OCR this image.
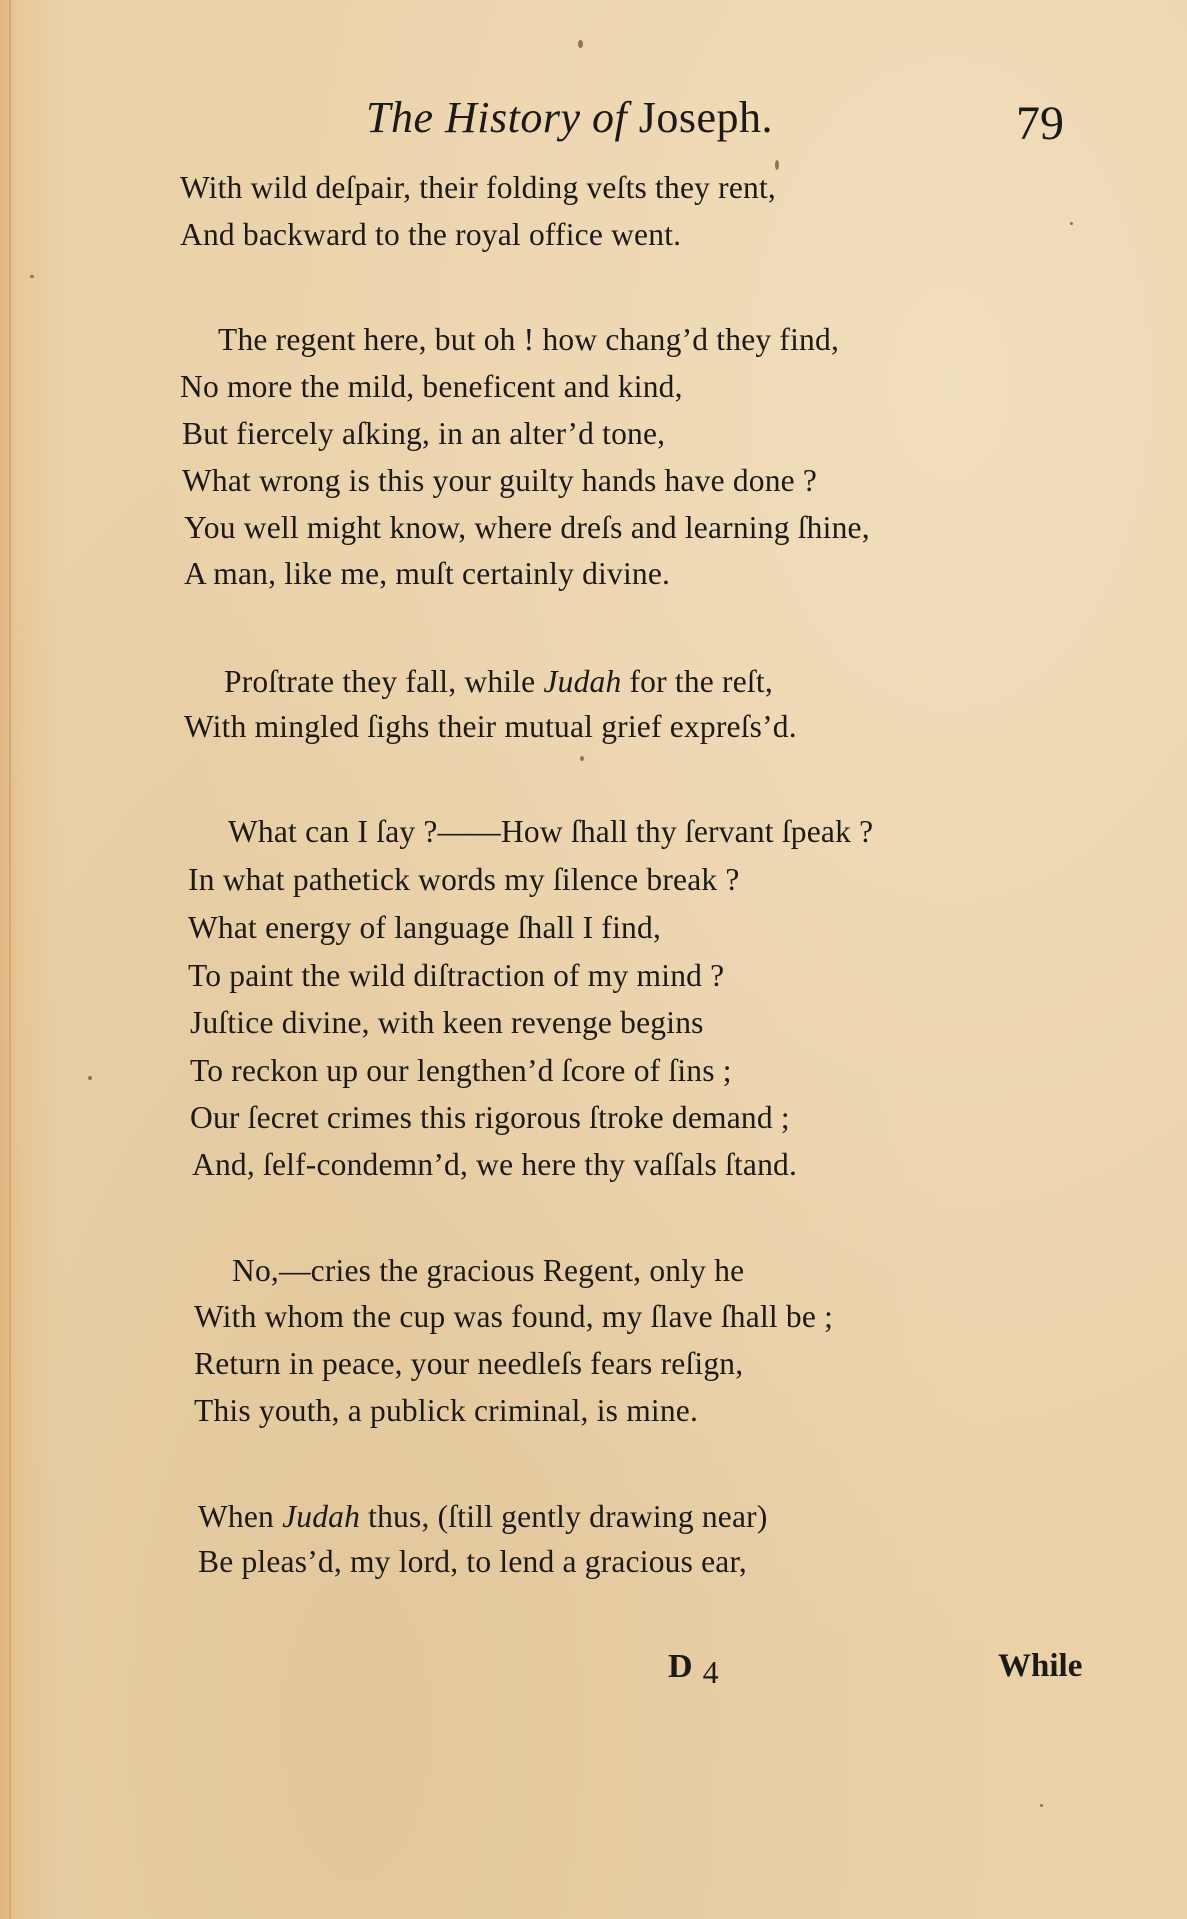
The History of Joseph.	79
With wild deſpair, their folding veſts they rent,
And backward to the royal office went.
The regent here, but oh ! how chang’d they find,
No more the mild, beneficent and kind,
But fiercely aſking, in an alter’d tone,
What wrong is this your guilty hands have done ?
You well might know, where dreſs and learning ſhine,
A man, like me, muſt certainly divine.
Proſtrate they fall, while Judah for the reſt,
With mingled ſighs their mutual grief expreſs’d.
What can I ſay ?——How ſhall thy ſervant ſpeak ?
In what pathetick words my ſilence break ?
What energy of language ſhall I find,
To paint the wild diſtraction of my mind ?
Juſtice divine, with keen revenge begins
To reckon up our lengthen’d ſcore of ſins ;
Our ſecret crimes this rigorous ſtroke demand ;
And, ſelf-condemn’d, we here thy vaſſals ſtand.
No,—cries the gracious Regent, only he
With whom the cup was found, my ſlave ſhall be ;
Return in peace, your needleſs fears reſign,
This youth, a publick criminal, is mine.
When Judah thus, (ſtill gently drawing near)
Be pleas’d, my lord, to lend a gracious ear,
D 4	While
